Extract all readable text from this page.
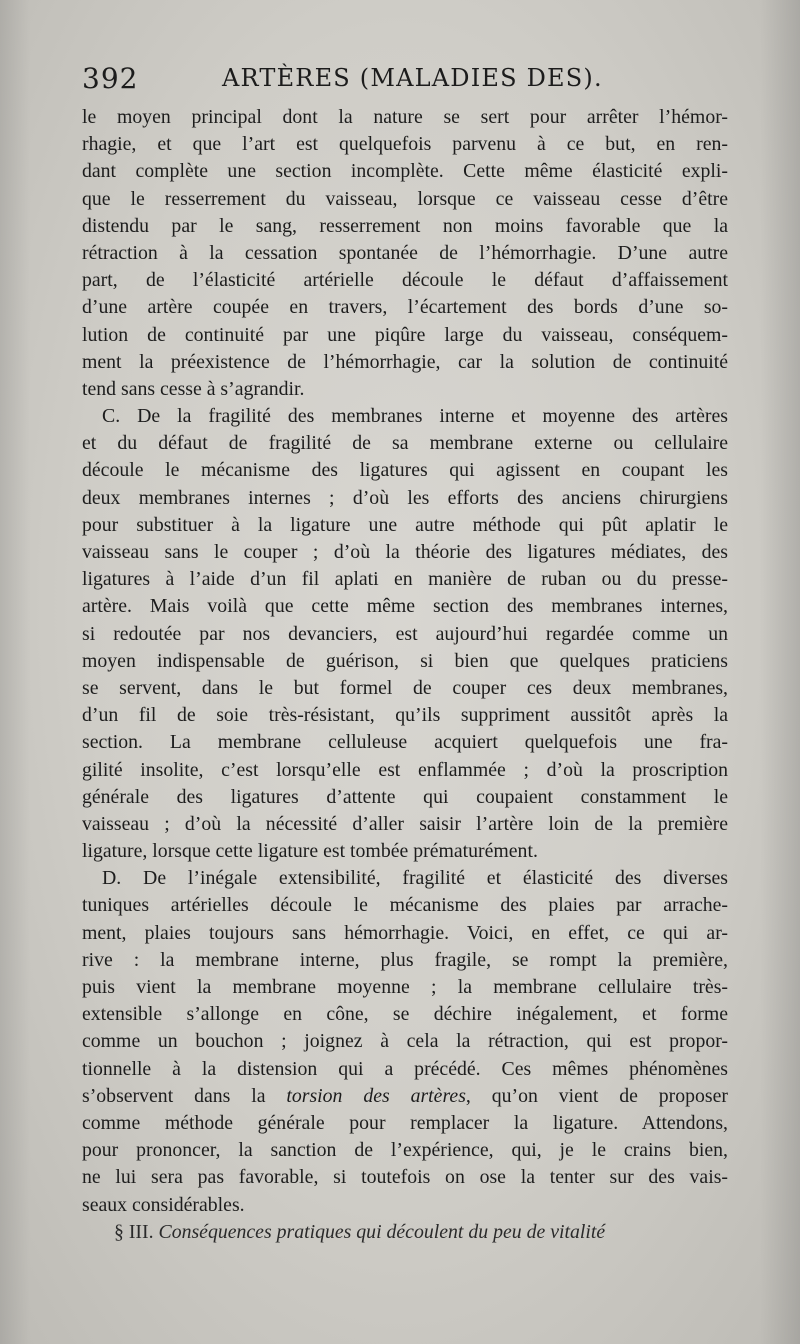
392	ARTÈRES (MALADIES DES).
le moyen principal dont la nature se sert pour arrêter l’hémor-
rhagie, et que l’art est quelquefois parvenu à ce but, en ren-
dant complète une section incomplète. Cette même élasticité expli-
que le resserrement du vaisseau, lorsque ce vaisseau cesse d’être
distendu par le sang, resserrement non moins favorable que la
rétraction à la cessation spontanée de l’hémorrhagie. D’une autre
part, de l’élasticité artérielle découle le défaut d’affaissement
d’une artère coupée en travers, l’écartement des bords d’une so-
lution de continuité par une piqûre large du vaisseau, conséquem-
ment la préexistence de l’hémorrhagie, car la solution de continuité
tend sans cesse à s’agrandir.
C. De la fragilité des membranes interne et moyenne des artères
et du défaut de fragilité de sa membrane externe ou cellulaire
découle le mécanisme des ligatures qui agissent en coupant les
deux membranes internes ; d’où les efforts des anciens chirurgiens
pour substituer à la ligature une autre méthode qui pût aplatir le
vaisseau sans le couper ; d’où la théorie des ligatures médiates, des
ligatures à l’aide d’un fil aplati en manière de ruban ou du presse-
artère. Mais voilà que cette même section des membranes internes,
si redoutée par nos devanciers, est aujourd’hui regardée comme un
moyen indispensable de guérison, si bien que quelques praticiens
se servent, dans le but formel de couper ces deux membranes,
d’un fil de soie très-résistant, qu’ils suppriment aussitôt après la
section. La membrane celluleuse acquiert quelquefois une fra-
gilité insolite, c’est lorsqu’elle est enflammée ; d’où la proscription
générale des ligatures d’attente qui coupaient constamment le
vaisseau ; d’où la nécessité d’aller saisir l’artère loin de la première
ligature, lorsque cette ligature est tombée prématurément.
D. De l’inégale extensibilité, fragilité et élasticité des diverses
tuniques artérielles découle le mécanisme des plaies par arrache-
ment, plaies toujours sans hémorrhagie. Voici, en effet, ce qui ar-
rive : la membrane interne, plus fragile, se rompt la première,
puis vient la membrane moyenne ; la membrane cellulaire très-
extensible s’allonge en cône, se déchire inégalement, et forme
comme un bouchon ; joignez à cela la rétraction, qui est propor-
tionnelle à la distension qui a précédé. Ces mêmes phénomènes
s’observent dans la torsion des artères, qu’on vient de proposer
comme méthode générale pour remplacer la ligature. Attendons,
pour prononcer, la sanction de l’expérience, qui, je le crains bien,
ne lui sera pas favorable, si toutefois on ose la tenter sur des vais-
seaux considérables.
§ III. Conséquences pratiques qui découlent du peu de vitalité
